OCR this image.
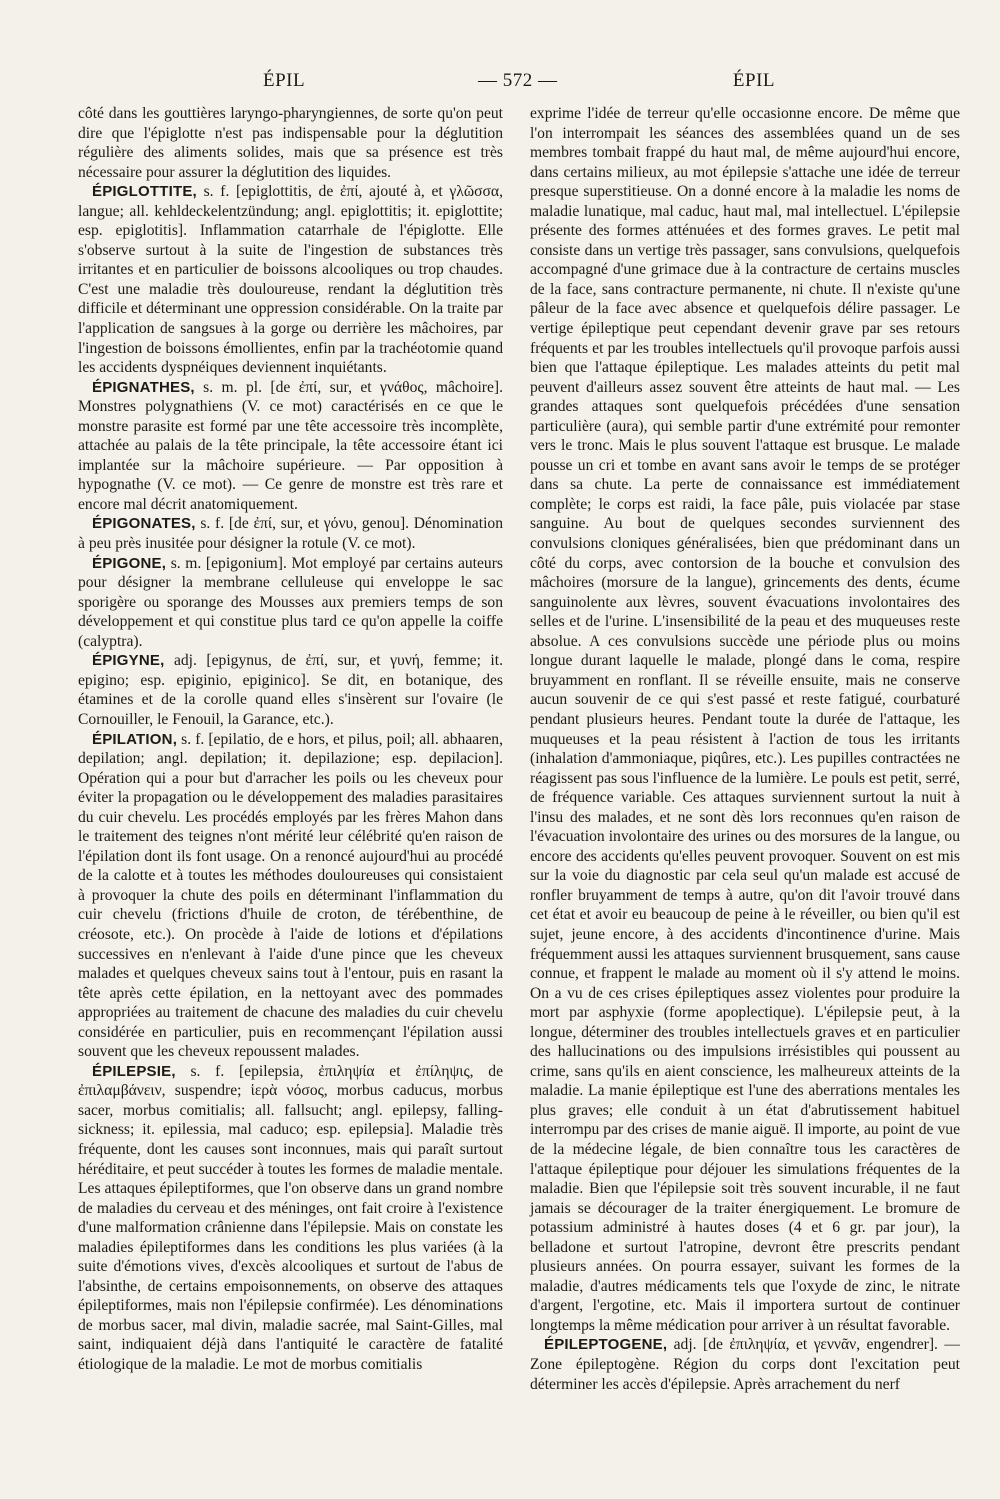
ÉPIL	— 572 —	ÉPIL

côté dans les gouttières laryngo-pharyngiennes, de sorte qu'on peut dire que l'épiglotte n'est pas indispensable pour la déglutition régulière des aliments solides, mais que sa présence est très nécessaire pour assurer la déglutition des liquides.

ÉPIGLOTTITE, s. f. [epiglottitis, de ἐπί, ajouté à, et γλῶσσα, langue; all. kehldeckelentzündung; angl. epiglottitis; it. epiglottite; esp. epiglotitis]. Inflammation catarrhale de l'épiglotte. Elle s'observe surtout à la suite de l'ingestion de substances très irritantes et en particulier de boissons alcooliques ou trop chaudes. C'est une maladie très douloureuse, rendant la déglutition très difficile et déterminant une oppression considérable. On la traite par l'application de sangsues à la gorge ou derrière les mâchoires, par l'ingestion de boissons émollientes, enfin par la trachéotomie quand les accidents dyspnéiques deviennent inquiétants.

ÉPIGNATHES, s. m. pl. [de ἐπί, sur, et γνάθος, mâchoire]. Monstres polygnathiens (V. ce mot) caractérisés en ce que le monstre parasite est formé par une tête accessoire très incomplète, attachée au palais de la tête principale, la tête accessoire étant ici implantée sur la mâchoire supérieure. — Par opposition à hypognathe (V. ce mot). — Ce genre de monstre est très rare et encore mal décrit anatomiquement.

ÉPIGONATES, s. f. [de ἐπί, sur, et γόνυ, genou]. Dénomination à peu près inusitée pour désigner la rotule (V. ce mot).

ÉPIGONE, s. m. [epigonium]. Mot employé par certains auteurs pour désigner la membrane celluleuse qui enveloppe le sac sporigère ou sporange des Mousses aux premiers temps de son développement et qui constitue plus tard ce qu'on appelle la coiffe (calyptra).

ÉPIGYNE, adj. [epigynus, de ἐπί, sur, et γυνή, femme; it. epigino; esp. epiginio, epiginico]. Se dit, en botanique, des étamines et de la corolle quand elles s'insèrent sur l'ovaire (le Cornouiller, le Fenouil, la Garance, etc.).

ÉPILATION, s. f. [epilatio, de e hors, et pilus, poil; all. abhaaren, depilation; angl. depilation; it. depilazione; esp. depilacion]. Opération qui a pour but d'arracher les poils ou les cheveux pour éviter la propagation ou le développement des maladies parasitaires du cuir chevelu. Les procédés employés par les frères Mahon dans le traitement des teignes n'ont mérité leur célébrité qu'en raison de l'épilation dont ils font usage. On a renoncé aujourd'hui au procédé de la calotte et à toutes les méthodes douloureuses qui consistaient à provoquer la chute des poils en déterminant l'inflammation du cuir chevelu (frictions d'huile de croton, de térébenthine, de créosote, etc.). On procède à l'aide de lotions et d'épilations successives en n'enlevant à l'aide d'une pince que les cheveux malades et quelques cheveux sains tout à l'entour, puis en rasant la tête après cette épilation, en la nettoyant avec des pommades appropriées au traitement de chacune des maladies du cuir chevelu considérée en particulier, puis en recommençant l'épilation aussi souvent que les cheveux repoussent malades.

ÉPILEPSIE, s. f. [epilepsia, ἐπιληψία et ἐπίληψις, de ἐπιλαμβάνειν, suspendre; ἱερὰ νόσος, morbus caducus, morbus sacer, morbus comitialis; all. fallsucht; angl. epilepsy, falling-sickness; it. epilessia, mal caduco; esp. epilepsia]. Maladie très fréquente, dont les causes sont inconnues, mais qui paraît surtout héréditaire, et peut succéder à toutes les formes de maladie mentale. Les attaques épileptiformes, que l'on observe dans un grand nombre de maladies du cerveau et des méninges, ont fait croire à l'existence d'une malformation crânienne dans l'épilepsie. Mais on constate les maladies épileptiformes dans les conditions les plus variées (à la suite d'émotions vives, d'excès alcooliques et surtout de l'abus de l'absinthe, de certains empoisonnements, on observe des attaques épileptiformes, mais non l'épilepsie confirmée). Les dénominations de morbus sacer, mal divin, maladie sacrée, mal Saint-Gilles, mal saint, indiquaient déjà dans l'antiquité le caractère de fatalité étiologique de la maladie. Le mot de morbus comitialis

exprime l'idée de terreur qu'elle occasionne encore. De même que l'on interrompait les séances des assemblées quand un de ses membres tombait frappé du haut mal, de même aujourd'hui encore, dans certains milieux, au mot épilepsie s'attache une idée de terreur presque superstitieuse. On a donné encore à la maladie les noms de maladie lunatique, mal caduc, haut mal, mal intellectuel. L'épilepsie présente des formes atténuées et des formes graves. Le petit mal consiste dans un vertige très passager, sans convulsions, quelquefois accompagné d'une grimace due à la contracture de certains muscles de la face, sans contracture permanente, ni chute. Il n'existe qu'une pâleur de la face avec absence et quelquefois délire passager. Le vertige épileptique peut cependant devenir grave par ses retours fréquents et par les troubles intellectuels qu'il provoque parfois aussi bien que l'attaque épileptique. Les malades atteints du petit mal peuvent d'ailleurs assez souvent être atteints de haut mal. — Les grandes attaques sont quelquefois précédées d'une sensation particulière (aura), qui semble partir d'une extrémité pour remonter vers le tronc. Mais le plus souvent l'attaque est brusque. Le malade pousse un cri et tombe en avant sans avoir le temps de se protéger dans sa chute. La perte de connaissance est immédiatement complète; le corps est raidi, la face pâle, puis violacée par stase sanguine. Au bout de quelques secondes surviennent des convulsions cloniques généralisées, bien que prédominant dans un côté du corps, avec contorsion de la bouche et convulsion des mâchoires (morsure de la langue), grincements des dents, écume sanguinolente aux lèvres, souvent évacuations involontaires des selles et de l'urine. L'insensibilité de la peau et des muqueuses reste absolue. A ces convulsions succède une période plus ou moins longue durant laquelle le malade, plongé dans le coma, respire bruyamment en ronflant. Il se réveille ensuite, mais ne conserve aucun souvenir de ce qui s'est passé et reste fatigué, courbaturé pendant plusieurs heures. Pendant toute la durée de l'attaque, les muqueuses et la peau résistent à l'action de tous les irritants (inhalation d'ammoniaque, piqûres, etc.). Les pupilles contractées ne réagissent pas sous l'influence de la lumière. Le pouls est petit, serré, de fréquence variable. Ces attaques surviennent surtout la nuit à l'insu des malades, et ne sont dès lors reconnues qu'en raison de l'évacuation involontaire des urines ou des morsures de la langue, ou encore des accidents qu'elles peuvent provoquer. Souvent on est mis sur la voie du diagnostic par cela seul qu'un malade est accusé de ronfler bruyamment de temps à autre, qu'on dit l'avoir trouvé dans cet état et avoir eu beaucoup de peine à le réveiller, ou bien qu'il est sujet, jeune encore, à des accidents d'incontinence d'urine. Mais fréquemment aussi les attaques surviennent brusquement, sans cause connue, et frappent le malade au moment où il s'y attend le moins. On a vu de ces crises épileptiques assez violentes pour produire la mort par asphyxie (forme apoplectique). L'épilepsie peut, à la longue, déterminer des troubles intellectuels graves et en particulier des hallucinations ou des impulsions irrésistibles qui poussent au crime, sans qu'ils en aient conscience, les malheureux atteints de la maladie. La manie épileptique est l'une des aberrations mentales les plus graves; elle conduit à un état d'abrutissement habituel interrompu par des crises de manie aiguë. Il importe, au point de vue de la médecine légale, de bien connaître tous les caractères de l'attaque épileptique pour déjouer les simulations fréquentes de la maladie. Bien que l'épilepsie soit très souvent incurable, il ne faut jamais se décourager de la traiter énergiquement. Le bromure de potassium administré à hautes doses (4 et 6 gr. par jour), la belladone et surtout l'atropine, devront être prescrits pendant plusieurs années. On pourra essayer, suivant les formes de la maladie, d'autres médicaments tels que l'oxyde de zinc, le nitrate d'argent, l'ergotine, etc. Mais il importera surtout de continuer longtemps la même médication pour arriver à un résultat favorable.

ÉPILEPTOGENE, adj. [de ἐπιληψία, et γεννᾶν, engendrer]. — Zone épileptogène. Région du corps dont l'excitation peut déterminer les accès d'épilepsie. Après arrachement du nerf
